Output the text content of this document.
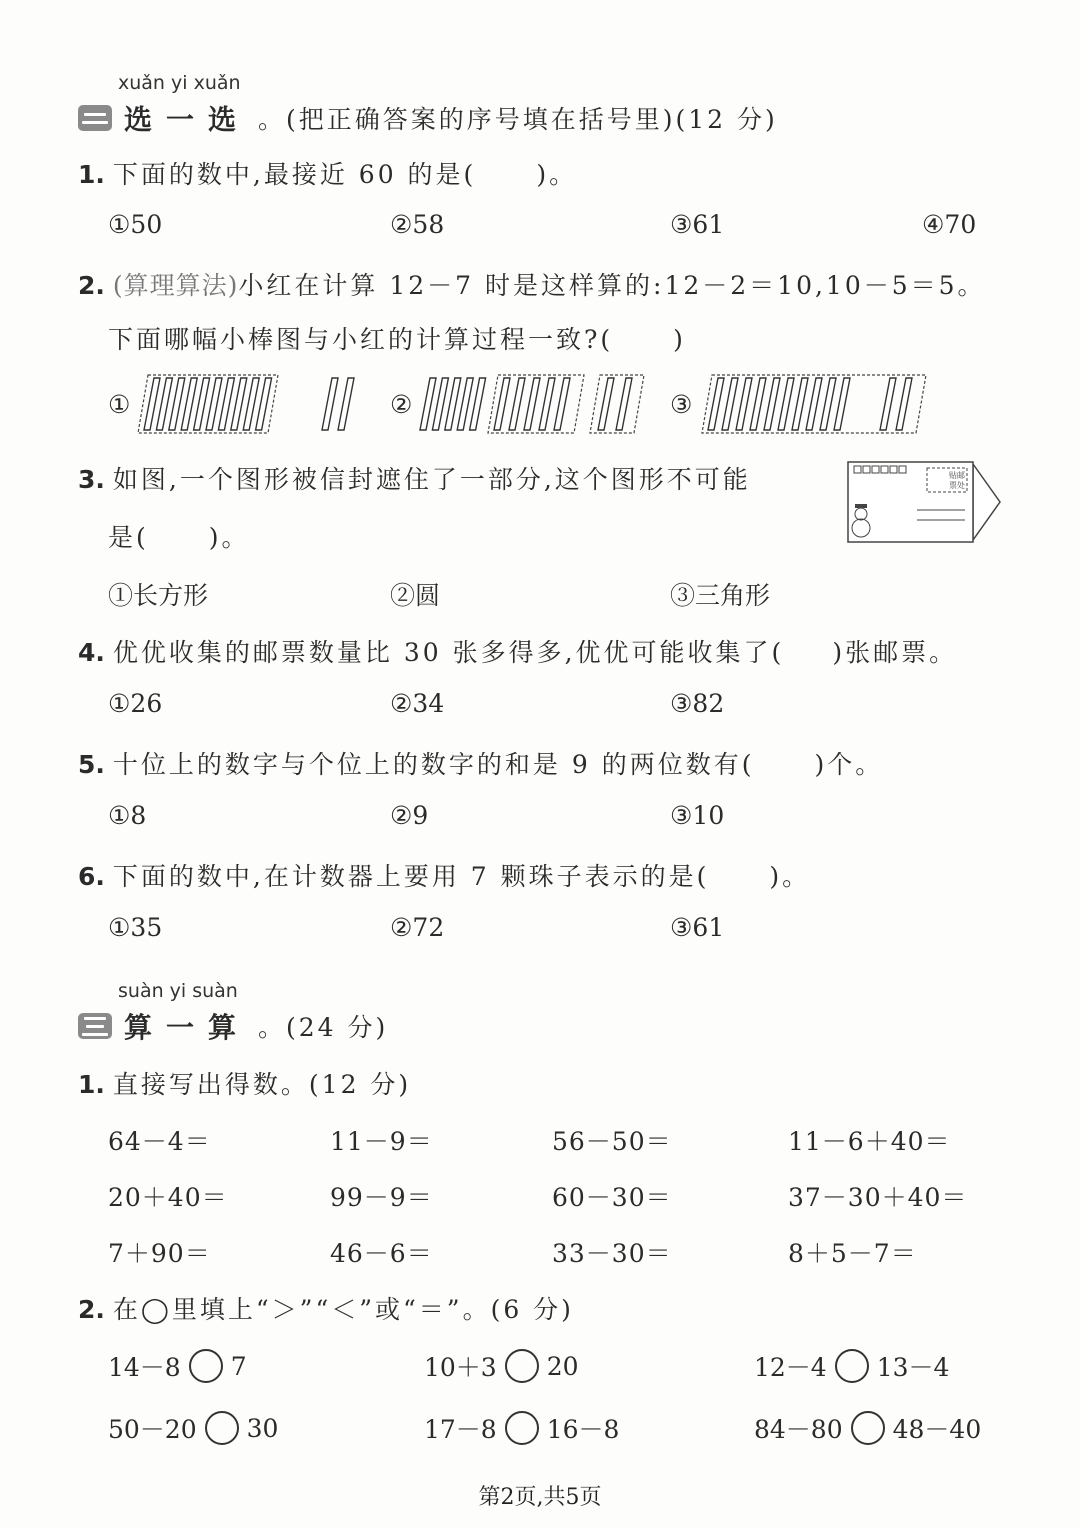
xuǎn yi xuǎn
选一选 。(把正确答案的序号填在括号里)(12 分)
1. 下面的数中,最接近 60 的是( )。
①50	②58	③61	④70
2. (算理算法)小红在计算 12－7 时是这样算的:12－2＝10,10－5＝5。
下面哪幅小棒图与小红的计算过程一致?( )
①	②	③
3. 如图,一个图形被信封遮住了一部分,这个图形不可能
是( )。
贴邮
票处
①长方形	②圆	③三角形
4. 优优收集的邮票数量比 30 张多得多,优优可能收集了( )张邮票。
①26	②34	③82
5. 十位上的数字与个位上的数字的和是 9 的两位数有( )个。
①8	②9	③10
6. 下面的数中,在计数器上要用 7 颗珠子表示的是( )。
①35	②72	③61
suàn yi suàn
算一算 。(24 分)
1. 直接写出得数。(12 分)
64－4＝	11－9＝	56－50＝	11－6＋40＝
20＋40＝	99－9＝	60－30＝	37－30＋40＝
7＋90＝	46－6＝	33－30＝	8＋5－7＝
2. 在◯里填上“＞”“＜”或“＝”。(6 分)
14－8 7	10＋3 20	12－4 13－4
50－20 30	17－8 16－8	84－80 48－40
第2页,共5页
